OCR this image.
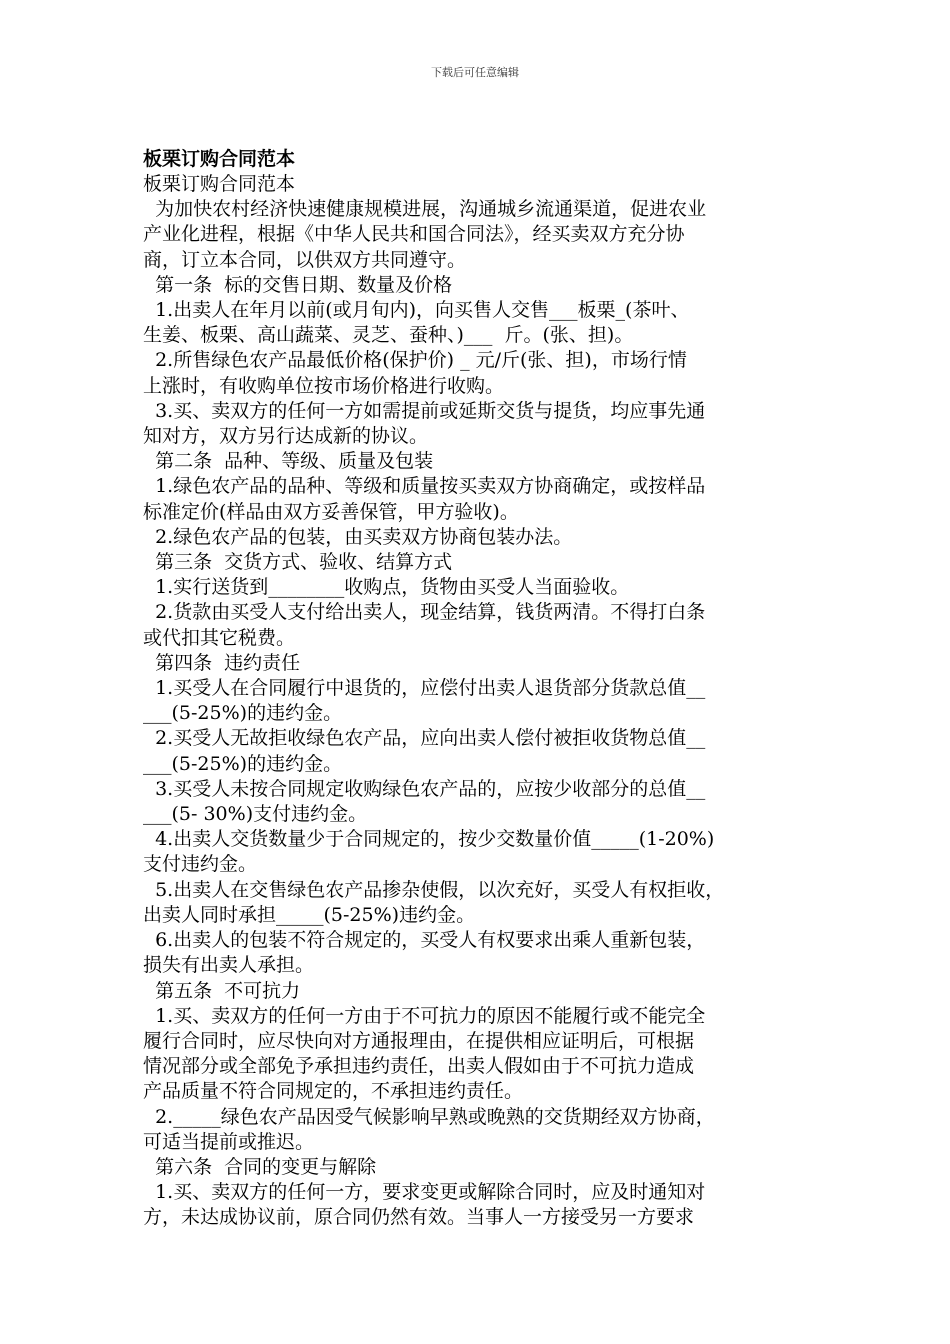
下载后可任意编辑
板栗订购合同范本
板栗订购合同范本
为加快农村经济快速健康规模进展，沟通城乡流通渠道，促进农业
产业化进程，根据《中华人民共和国合同法》，经买卖双方充分协
商，订立本合同，以供双方共同遵守。
第一条  标的交售日期、数量及价格
1.出卖人在年月以前(或月旬内)，向买售人交售___板栗_(茶叶、
生姜、板栗、高山蔬菜、灵芝、蚕种、)___  斤。(张、担)。
2.所售绿色农产品最低价格(保护价) _ 元/斤(张、担)，市场行情
上涨时，有收购单位按市场价格进行收购。
3.买、卖双方的任何一方如需提前或延斯交货与提货，均应事先通
知对方，双方另行达成新的协议。
第二条  品种、等级、质量及包装
1.绿色农产品的品种、等级和质量按买卖双方协商确定，或按样品
标准定价(样品由双方妥善保管，甲方验收)。
2.绿色农产品的包装，由买卖双方协商包装办法。
第三条  交货方式、验收、结算方式
1.实行送货到________收购点，货物由买受人当面验收。
2.货款由买受人支付给出卖人，现金结算，钱货两清。不得打白条
或代扣其它税费。
第四条  违约责任
1.买受人在合同履行中退货的，应偿付出卖人退货部分货款总值__
___(5-25%)的违约金。
2.买受人无故拒收绿色农产品，应向出卖人偿付被拒收货物总值__
___(5-25%)的违约金。
3.买受人未按合同规定收购绿色农产品的，应按少收部分的总值__
___(5- 30%)支付违约金。
4.出卖人交货数量少于合同规定的，按少交数量价值_____(1-20%)
支付违约金。
5.出卖人在交售绿色农产品掺杂使假，以次充好，买受人有权拒收，
出卖人同时承担_____(5-25%)违约金。
6.出卖人的包装不符合规定的，买受人有权要求出乘人重新包装，
损失有出卖人承担。
第五条  不可抗力
1.买、卖双方的任何一方由于不可抗力的原因不能履行或不能完全
履行合同时，应尽快向对方通报理由，在提供相应证明后，可根据
情况部分或全部免予承担违约责任，出卖人假如由于不可抗力造成
产品质量不符合同规定的，不承担违约责任。
2._____绿色农产品因受气候影响早熟或晚熟的交货期经双方协商，
可适当提前或推迟。
第六条  合同的变更与解除
1.买、卖双方的任何一方，要求变更或解除合同时，应及时通知对
方，未达成协议前，原合同仍然有效。当事人一方接受另一方要求
